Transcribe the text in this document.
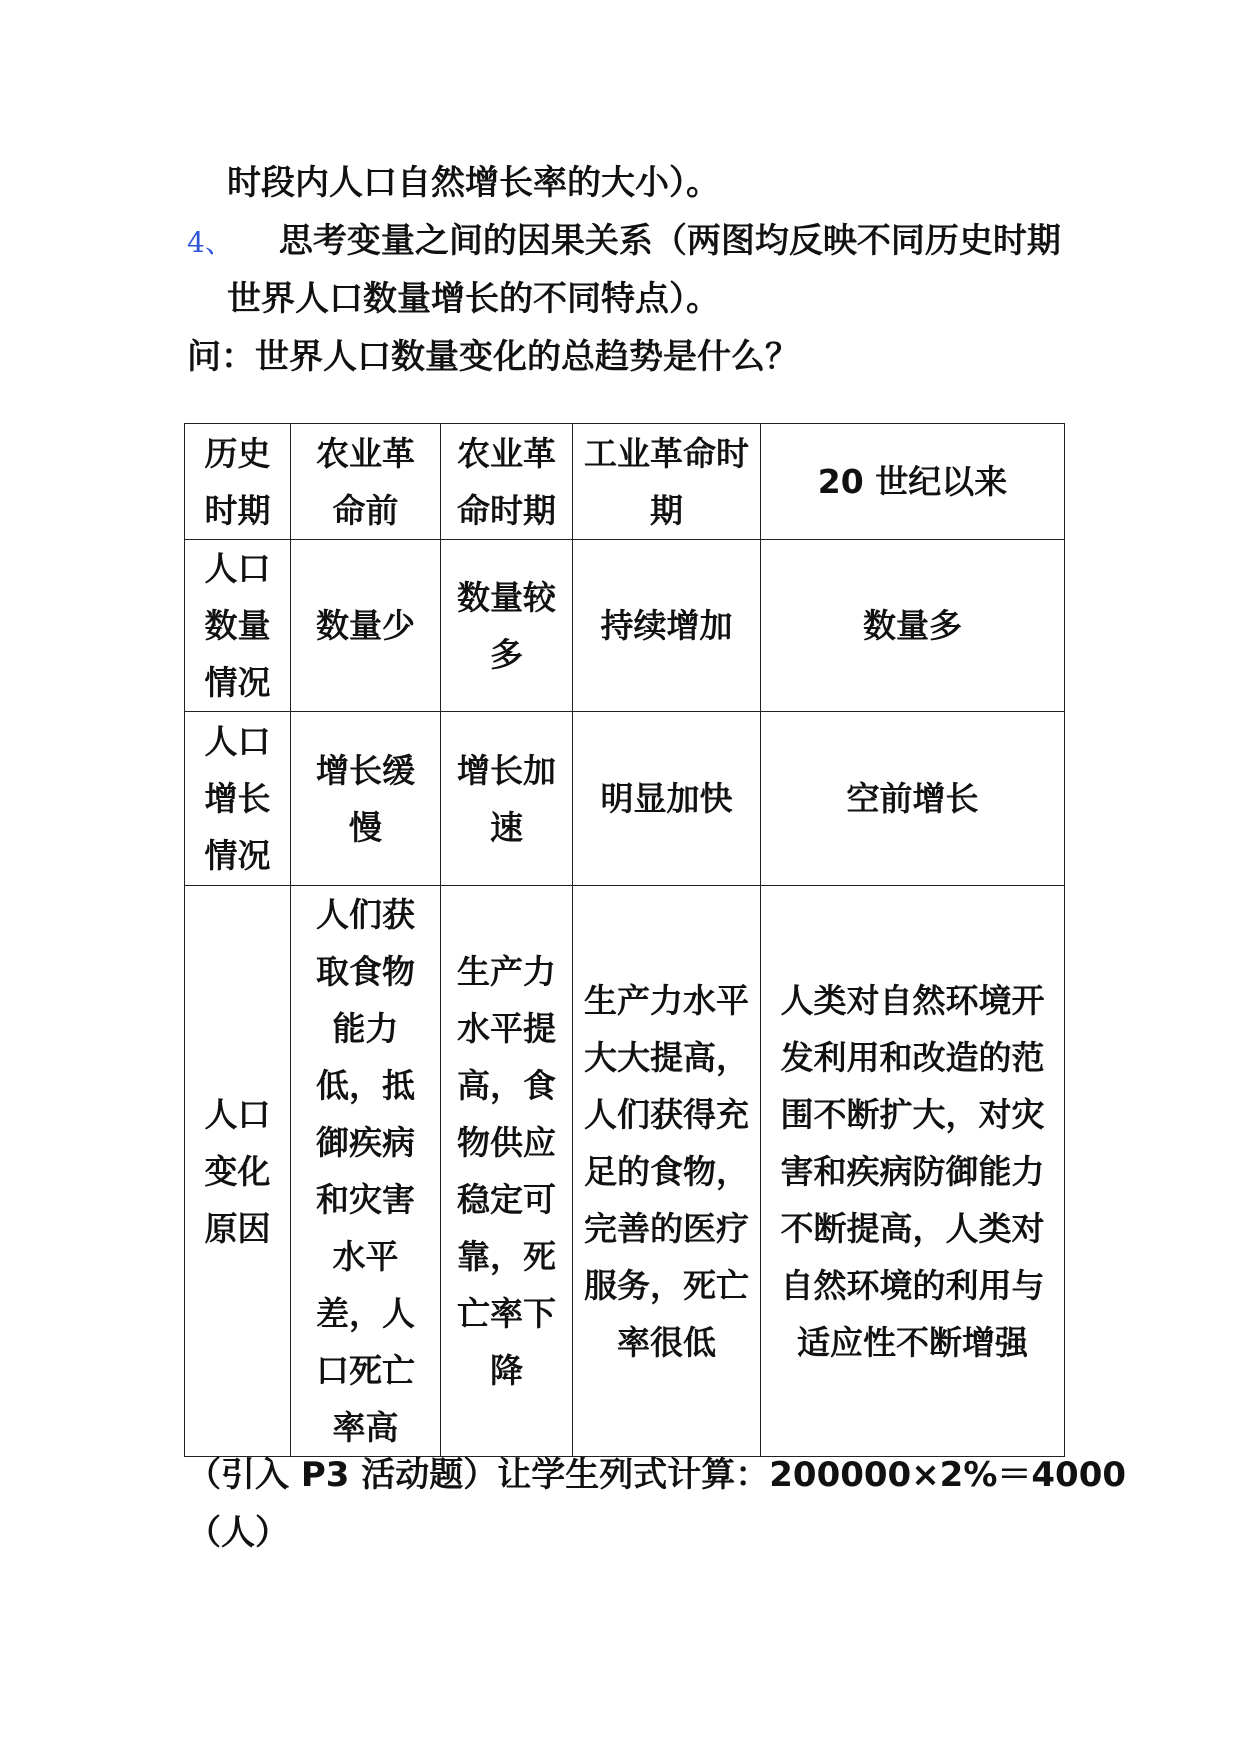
时段内人口自然增长率的大小）。
4、 思考变量之间的因果关系（两图均反映不同历史时期
世界人口数量增长的不同特点）。
问：世界人口数量变化的总趋势是什么？
历史时期	农业革命前	农业革命时期	工业革命时期	20 世纪以来
人口数量情况	数量少	数量较多	持续增加	数量多
人口增长情况	增长缓慢	增长加速	明显加快	空前增长
人口变化原因	人们获取食物能力低，抵御疾病和灾害水平差，人口死亡率高	生产力水平提高，食物供应稳定可靠，死亡率下降	生产力水平大大提高，人们获得充足的食物，完善的医疗服务，死亡率很低	人类对自然环境开发利用和改造的范围不断扩大，对灾害和疾病防御能力不断提高，人类对自然环境的利用与适应性不断增强
（引入 P3 活动题）让学生列式计算：200000×2%＝4000
（人）
